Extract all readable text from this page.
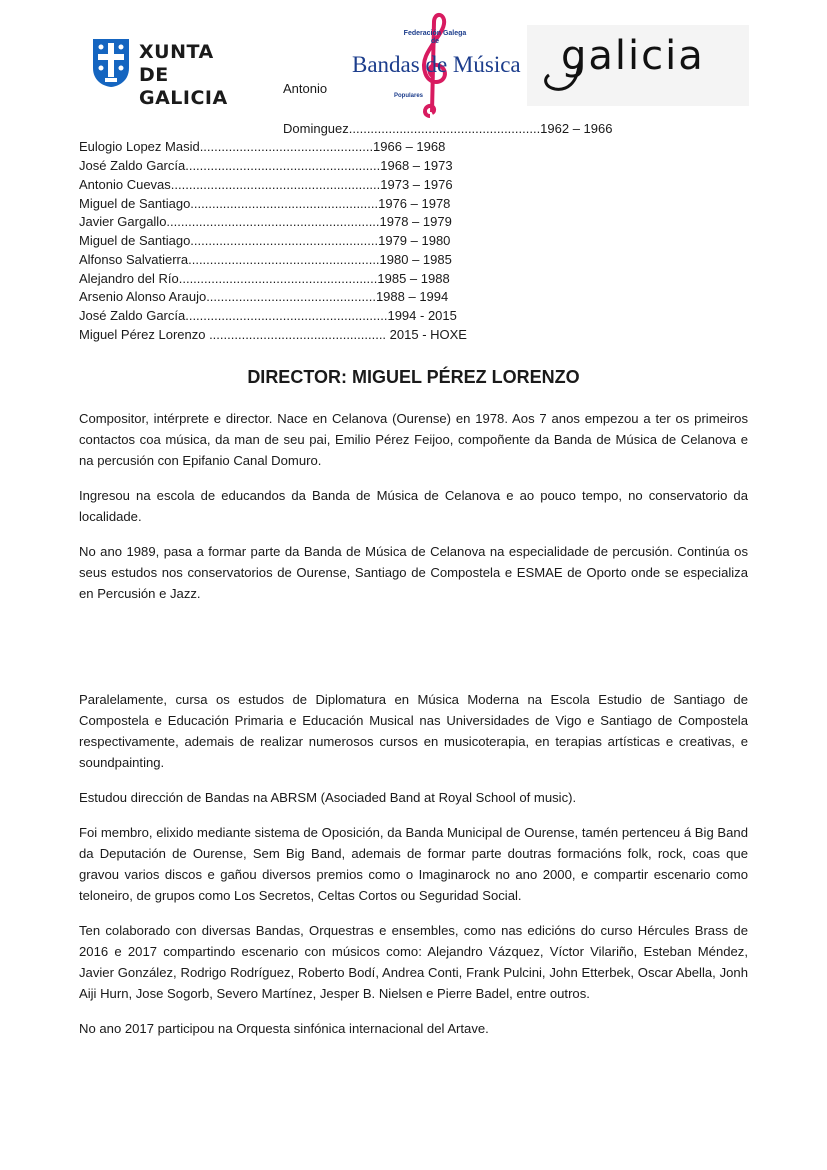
XUNTA
DE GALICIA
Federación Galega de
Bandas de Música
Populares
galicia
Antonio
Dominguez.....................................................1962 – 1966
Eulogio Lopez Masid................................................1966 – 1968
José Zaldo García......................................................1968 – 1973
Antonio Cuevas..........................................................1973 – 1976
Miguel de Santiago....................................................1976 – 1978
Javier Gargallo...........................................................1978 – 1979
Miguel de Santiago....................................................1979 – 1980
Alfonso Salvatierra.....................................................1980 – 1985
Alejandro del Río.......................................................1985 – 1988
Arsenio Alonso Araujo...............................................1988 – 1994
José Zaldo García........................................................1994 - 2015
Miguel Pérez Lorenzo ................................................. 2015 - HOXE
DIRECTOR: MIGUEL PÉREZ LORENZO

Compositor, intérprete e director. Nace en Celanova (Ourense) en 1978. Aos 7 anos empezou a ter os primeiros contactos coa música, da man de seu pai, Emilio Pérez Feijoo, compoñente da Banda de Música de Celanova e na percusión con Epifanio Canal Domuro.

Ingresou na escola de educandos da Banda de Música de Celanova e ao pouco tempo, no conservatorio da localidade.

No ano 1989, pasa a formar parte da Banda de Música de Celanova na especialidade de percusión. Continúa os seus estudos nos conservatorios de Ourense, Santiago de Compostela e ESMAE de Oporto onde se especializa en Percusión e Jazz.

Paralelamente, cursa os estudos de Diplomatura en Música Moderna na Escola Estudio de Santiago de Compostela e Educación Primaria e Educación Musical nas Universidades de Vigo e Santiago de Compostela respectivamente, ademais de realizar numerosos cursos en musicoterapia, en terapias artísticas e creativas, e soundpainting.

Estudou dirección de Bandas na ABRSM (Asociaded Band at Royal School of music).

Foi membro, elixido mediante sistema de Oposición, da Banda Municipal de Ourense, tamén pertenceu á Big Band da Deputación de Ourense, Sem Big Band, ademais de formar parte doutras formacións folk, rock, coas que gravou varios discos e gañou diversos premios como o Imaginarock no ano 2000, e compartir escenario como teloneiro, de grupos como Los Secretos, Celtas Cortos ou Seguridad Social.

Ten colaborado con diversas Bandas, Orquestras e ensembles, como nas edicións do curso Hércules Brass de 2016 e 2017 compartindo escenario con músicos como: Alejandro Vázquez, Víctor Vilariño, Esteban Méndez, Javier González, Rodrigo Rodríguez, Roberto Bodí, Andrea Conti, Frank Pulcini, John Etterbek, Oscar Abella, Jonh Aiji Hurn, Jose Sogorb, Severo Martínez, Jesper B. Nielsen e Pierre Badel, entre outros.

No ano 2017 participou na Orquesta sinfónica internacional del Artave.
